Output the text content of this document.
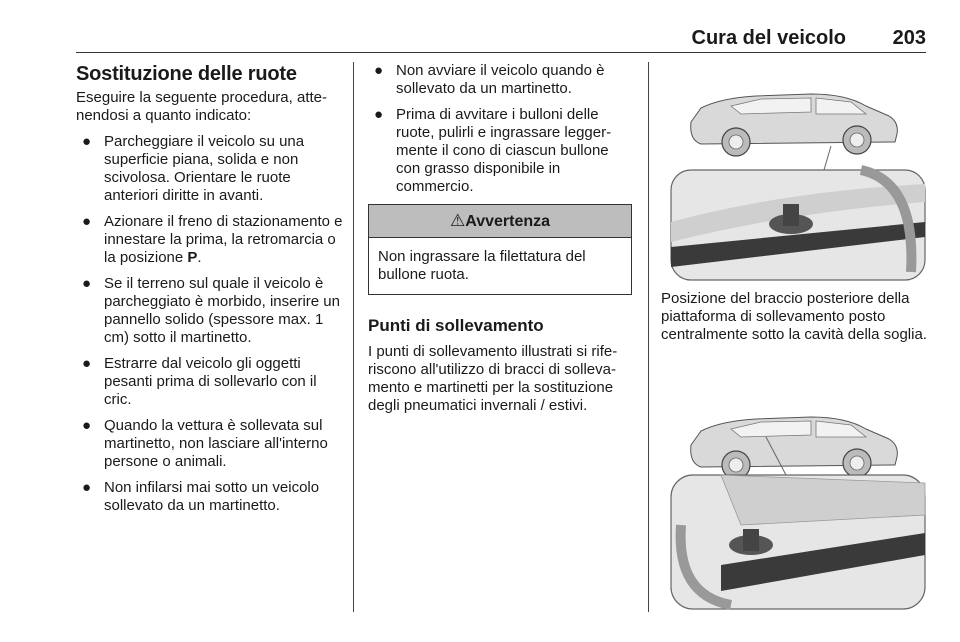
Cura del veicolo 203
Sostituzione delle ruote

Eseguire la seguente procedura, attenendosi a quanto indicato:

● Parcheggiare il veicolo su una superficie piana, solida e non scivolosa. Orientare le ruote anteriori diritte in avanti.
● Azionare il freno di stazionamento e innestare la prima, la retromarcia o la posizione P.
● Se il terreno sul quale il veicolo è parcheggiato è morbido, inserire un pannello solido (spessore max. 1 cm) sotto il martinetto.
● Estrarre dal veicolo gli oggetti pesanti prima di sollevarlo con il cric.
● Quando la vettura è sollevata sul martinetto, non lasciare all'interno persone o animali.
● Non infilarsi mai sotto un veicolo sollevato da un martinetto.
● Non avviare il veicolo quando è sollevato da un martinetto.
● Prima di avvitare i bulloni delle ruote, pulirli e ingrassare leggermente il cono di ciascun bullone con grasso disponibile in commercio.
⚠Avvertenza
Non ingrassare la filettatura del bullone ruota.
Punti di sollevamento

I punti di sollevamento illustrati si riferiscono all'utilizzo di bracci di sollevamento e martinetti per la sostituzione degli pneumatici invernali / estivi.

Posizione del braccio posteriore della piattaforma di sollevamento posto centralmente sotto la cavità della soglia.
